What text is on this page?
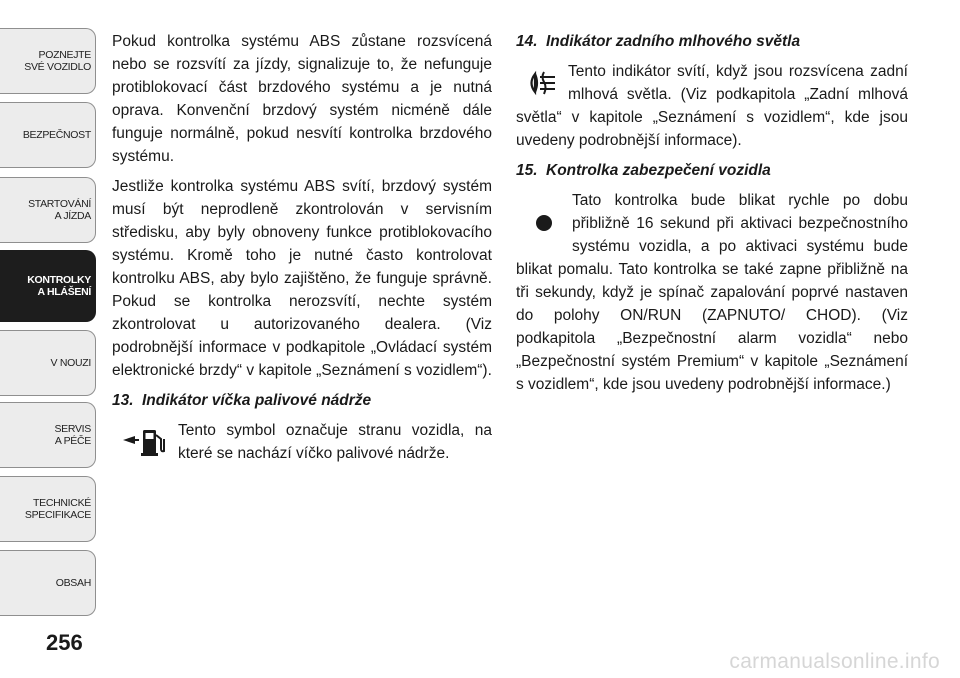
POZNEJTE
SVÉ VOZIDLO
BEZPEČNOST
STARTOVÁNÍ
A JÍZDA
KONTROLKY
A HLÁŠENÍ
V NOUZI
SERVIS
A PÉČE
TECHNICKÉ
SPECIFIKACE
OBSAH
256

Pokud kontrolka systému ABS zůstane rozsvícená nebo se rozsvítí za jízdy, signalizuje to, že nefunguje protiblokovací část brzdového systému a je nutná oprava. Konvenční brzdový systém nicméně dále funguje normálně, pokud nesvítí kontrolka brzdového systému.

Jestliže kontrolka systému ABS svítí, brzdový systém musí být neprodleně zkontrolován v servisním středisku, aby byly obnoveny funkce protiblokovacího systému. Kromě toho je nutné často kontrolovat kontrolku ABS, aby bylo zajištěno, že funguje správně. Pokud se kontrolka nerozsvítí, nechte systém zkontrolovat u autorizovaného dealera. (Viz podrobnější informace v podkapitole „Ovládací systém elektronické brzdy“ v kapitole „Seznámení s vozidlem“).

13. Indikátor víčka palivové nádrže

Tento symbol označuje stranu vozidla, na které se nachází víčko palivové nádrže.

14. Indikátor zadního mlhového světla

Tento indikátor svítí, když jsou rozsvícena zadní mlhová světla. (Viz podkapitola „Zadní mlhová světla“ v kapitole „Seznámení s vozidlem“, kde jsou uvedeny podrobnější informace).

15. Kontrolka zabezpečení vozidla

Tato kontrolka bude blikat rychle po dobu přibližně 16 sekund při aktivaci bezpečnostního systému vozidla, a po aktivaci systému bude blikat pomalu. Tato kontrolka se také zapne přibližně na tři sekundy, když je spínač zapalování poprvé nastaven do polohy ON/RUN (ZAPNUTO/ CHOD). (Viz podkapitola „Bezpečnostní alarm vozidla“ nebo „Bezpečnostní systém Premium“ v kapitole „Seznámení s vozidlem“, kde jsou uvedeny podrobnější informace.)

carmanualsonline.info
